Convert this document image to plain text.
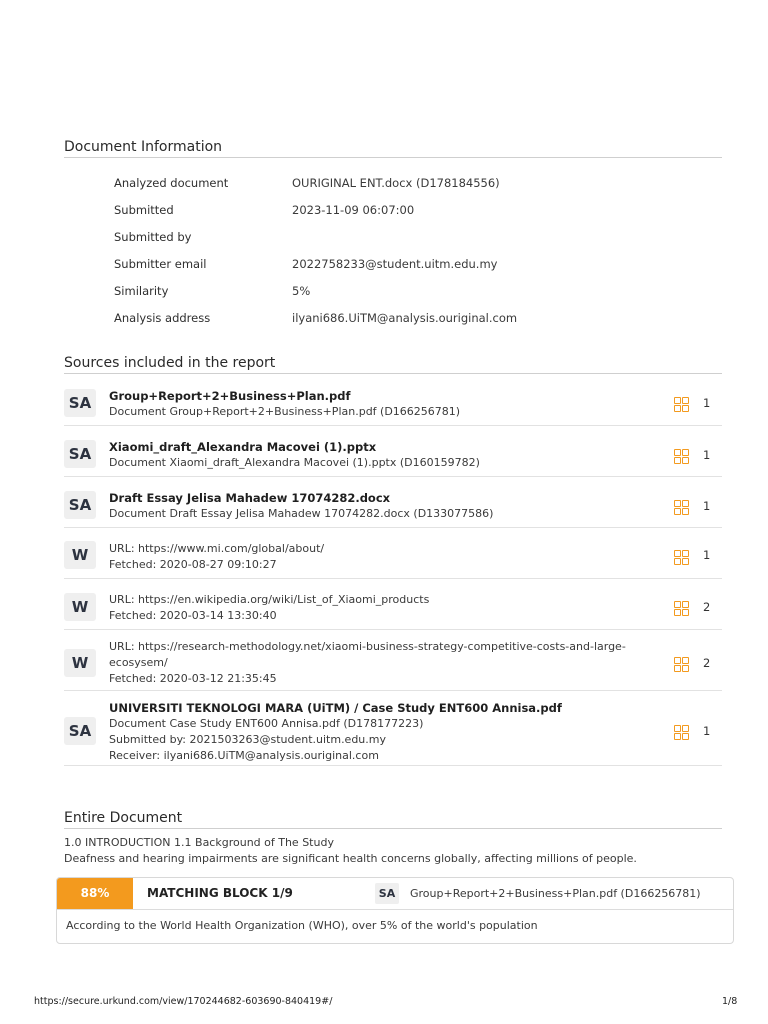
Document Information
Analyzed document	OURIGINAL ENT.docx (D178184556)
Submitted	2023-11-09 06:07:00
Submitted by
Submitter email	2022758233@student.uitm.edu.my
Similarity	5%
Analysis address	ilyani686.UiTM@analysis.ouriginal.com
Sources included in the report
SA	Group+Report+2+Business+Plan.pdf
Document Group+Report+2+Business+Plan.pdf (D166256781)
1
SA	Xiaomi_draft_Alexandra Macovei (1).pptx
Document Xiaomi_draft_Alexandra Macovei (1).pptx (D160159782)
1
SA	Draft Essay Jelisa Mahadew 17074282.docx
Document Draft Essay Jelisa Mahadew 17074282.docx (D133077586)
1
W	URL: https://www.mi.com/global/about/
Fetched: 2020-08-27 09:10:27
1
W	URL: https://en.wikipedia.org/wiki/List_of_Xiaomi_products
Fetched: 2020-03-14 13:30:40
2
W
URL: https://research-methodology.net/xiaomi-business-strategy-competitive-costs-and-large-
ecosysem/
Fetched: 2020-03-12 21:35:45
2
SA
UNIVERSITI TEKNOLOGI MARA (UiTM) / Case Study ENT600 Annisa.pdf
Document Case Study ENT600 Annisa.pdf (D178177223)
Submitted by: 2021503263@student.uitm.edu.my
Receiver: ilyani686.UiTM@analysis.ouriginal.com
1
Entire Document
1.0 INTRODUCTION 1.1 Background of The Study
Deafness and hearing impairments are significant health concerns globally, affecting millions of people.
88%	MATCHING BLOCK 1/9	SA	Group+Report+2+Business+Plan.pdf (D166256781)
According to the World Health Organization (WHO), over 5% of the world's population
https://secure.urkund.com/view/170244682-603690-840419#/	1/8
